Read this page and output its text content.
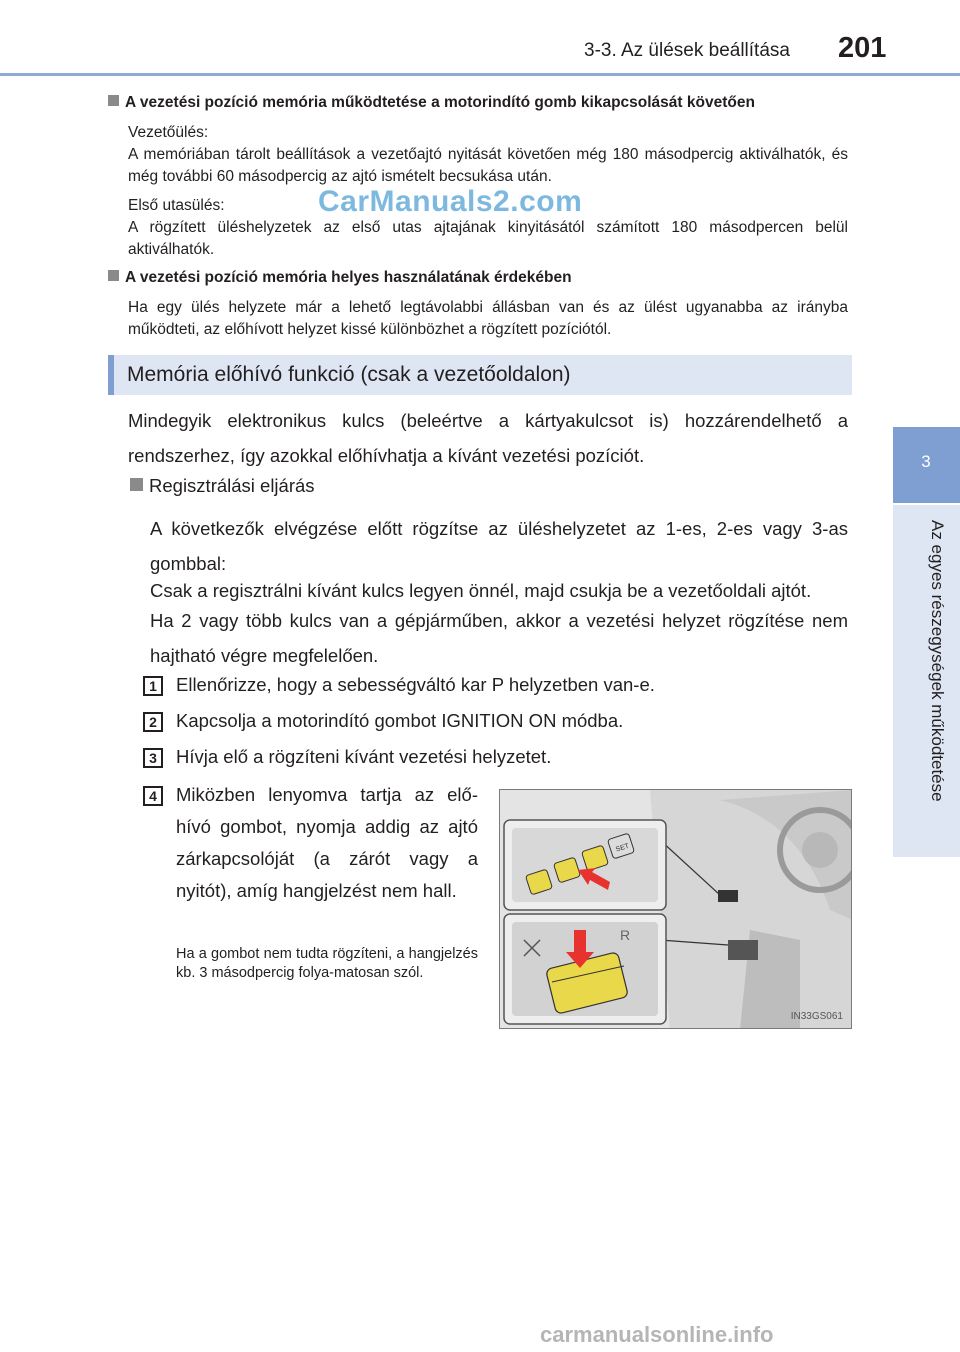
3-3. Az ülések beállítása 201
3
Az egyes részegységek működtetése
A vezetési pozíció memória működtetése a motorindító gomb kikapcsolását követően
Vezetőülés:
A memóriában tárolt beállítások a vezetőajtó nyitását követően még 180 másodpercig aktiválhatók, és még további 60 másodpercig az ajtó ismételt becsukása után.
Első utasülés:
A rögzített üléshelyzetek az első utas ajtajának kinyitásától számított 180 másodpercen belül aktiválhatók.
A vezetési pozíció memória helyes használatának érdekében
Ha egy ülés helyzete már a lehető legtávolabbi állásban van és az ülést ugyanabba az irányba működteti, az előhívott helyzet kissé különbözhet a rögzített pozíciótól.
Memória előhívó funkció (csak a vezetőoldalon)
Mindegyik elektronikus kulcs (beleértve a kártyakulcsot is) hozzárendelhető a rendszerhez, így azokkal előhívhatja a kívánt vezetési pozíciót.
Regisztrálási eljárás
A következők elvégzése előtt rögzítse az üléshelyzetet az 1-es, 2-es vagy 3-as gombbal:
Csak a regisztrálni kívánt kulcs legyen önnél, majd csukja be a vezetőoldali ajtót.
Ha 2 vagy több kulcs van a gépjárműben, akkor a vezetési helyzet rögzítése nem hajtható végre megfelelően.
1	Ellenőrizze, hogy a sebességváltó kar P helyzetben van-e.
2	Kapcsolja a motorindító gombot IGNITION ON módba.
3	Hívja elő a rögzíteni kívánt vezetési helyzetet.
4	Miközben lenyomva tartja az elő-hívó gombot, nyomja addig az ajtó zárkapcsolóját (a zárót vagy a nyitót), amíg hangjelzést nem hall.
Ha a gombot nem tudta rögzíteni, a hangjelzés kb. 3 másodpercig folya-matosan szól.
SET
R
IN33GS061
CarManuals2.com
carmanualsonline.info
